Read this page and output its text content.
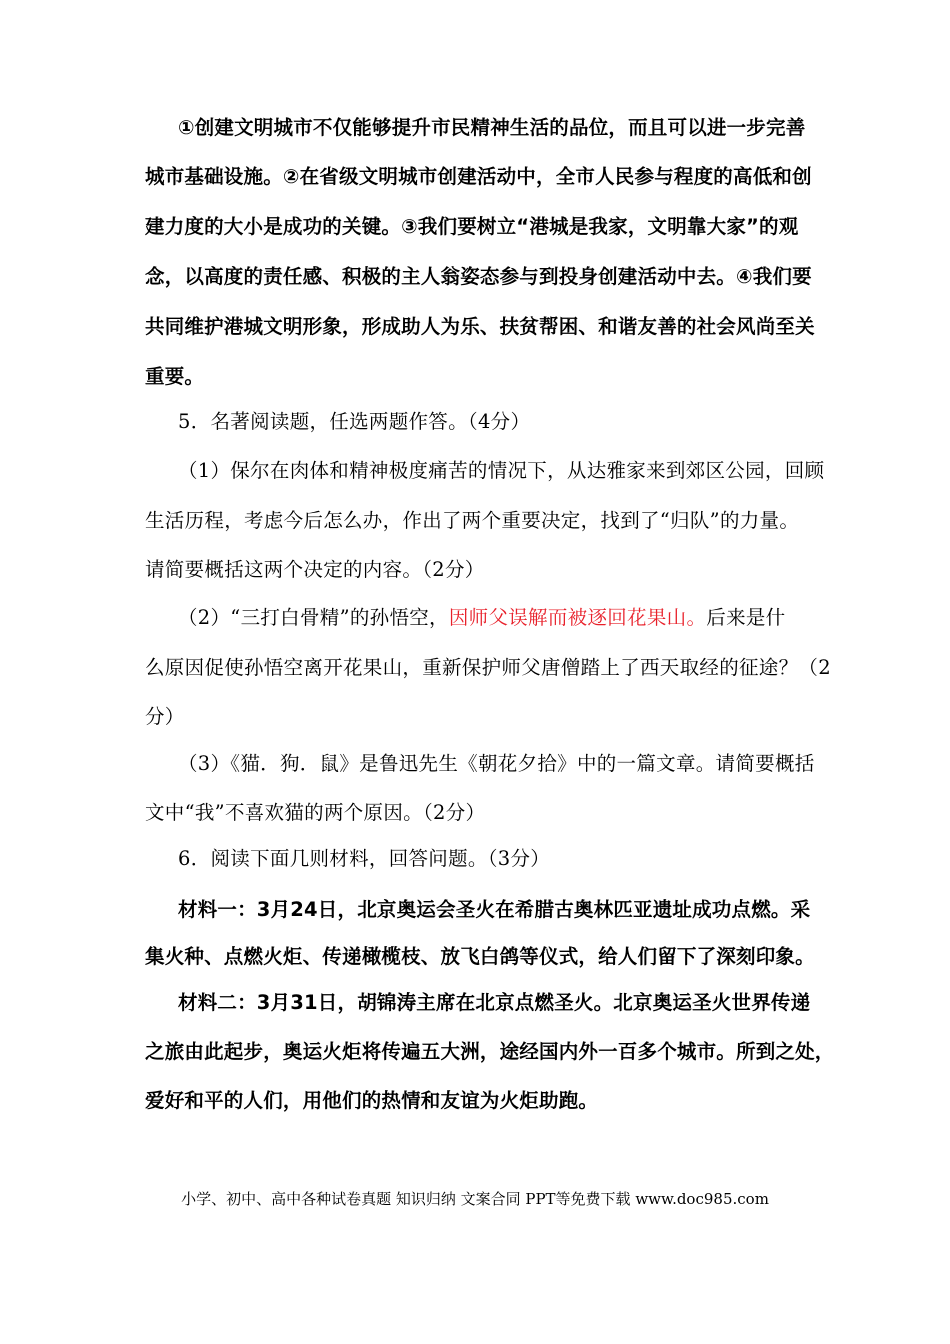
①创建文明城市不仅能够提升市民精神生活的品位，而且可以进一步完善
城市基础设施。②在省级文明城市创建活动中，全市人民参与程度的高低和创
建力度的大小是成功的关键。③我们要树立“港城是我家，文明靠大家”的观
念，以高度的责任感、积极的主人翁姿态参与到投身创建活动中去。④我们要
共同维护港城文明形象，形成助人为乐、扶贫帮困、和谐友善的社会风尚至关
重要。
5．名著阅读题，任选两题作答。（4分）
（1）保尔在肉体和精神极度痛苦的情况下，从达雅家来到郊区公园，回顾
生活历程，考虑今后怎么办，作出了两个重要决定，找到了“归队”的力量。
请简要概括这两个决定的内容。（2分）
（2）“三打白骨精”的孙悟空，因师父误解而被逐回花果山。后来是什
么原因促使孙悟空离开花果山，重新保护师父唐僧踏上了西天取经的征途？（2
分）
（3）《猫．狗．鼠》是鲁迅先生《朝花夕拾》中的一篇文章。请简要概括
文中“我”不喜欢猫的两个原因。（2分）
6．阅读下面几则材料，回答问题。（3分）
材料一：3月24日，北京奥运会圣火在希腊古奥林匹亚遗址成功点燃。采
集火种、点燃火炬、传递橄榄枝、放飞白鸽等仪式，给人们留下了深刻印象。
材料二：3月31日，胡锦涛主席在北京点燃圣火。北京奥运圣火世界传递
之旅由此起步，奥运火炬将传遍五大洲，途经国内外一百多个城市。所到之处，
爱好和平的人们，用他们的热情和友谊为火炬助跑。
小学、初中、高中各种试卷真题 知识归纳 文案合同 PPT等免费下载 www.doc985.com
